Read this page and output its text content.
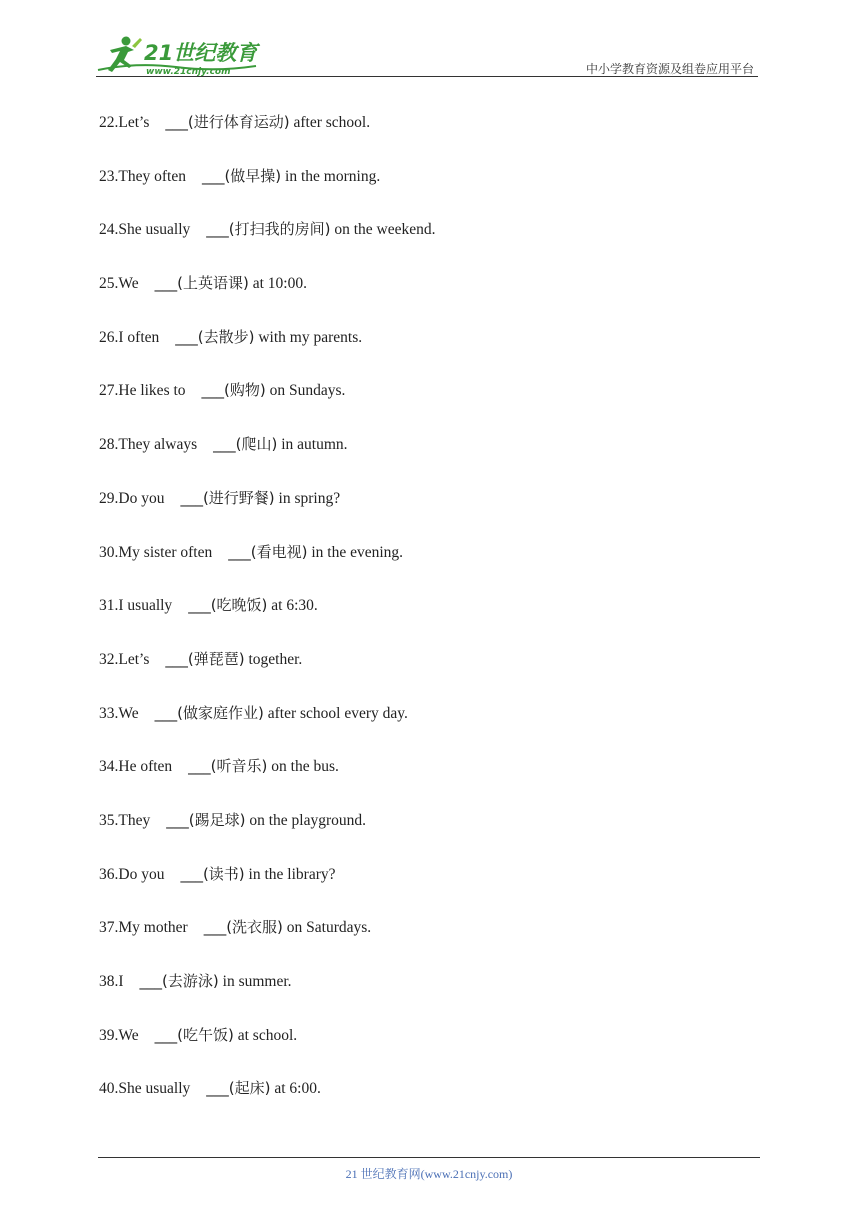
21世纪教育
www.21cnjy.com	中小学教育资源及组卷应用平台
22.Let’s ___(进行体育运动) after school.
23.They often ___(做早操) in the morning.
24.She usually ___(打扫我的房间) on the weekend.
25.We ___(上英语课) at 10:00.
26.I often ___(去散步) with my parents.
27.He likes to ___(购物) on Sundays.
28.They always ___(爬山) in autumn.
29.Do you ___(进行野餐) in spring?
30.My sister often ___(看电视) in the evening.
31.I usually ___(吃晚饭) at 6:30.
32.Let’s ___(弹琵琶) together.
33.We ___(做家庭作业) after school every day.
34.He often ___(听音乐) on the bus.
35.They ___(踢足球) on the playground.
36.Do you ___(读书) in the library?
37.My mother ___(洗衣服) on Saturdays.
38.I ___(去游泳) in summer.
39.We ___(吃午饭) at school.
40.She usually ___(起床) at 6:00.
21 世纪教育网(www.21cnjy.com)
